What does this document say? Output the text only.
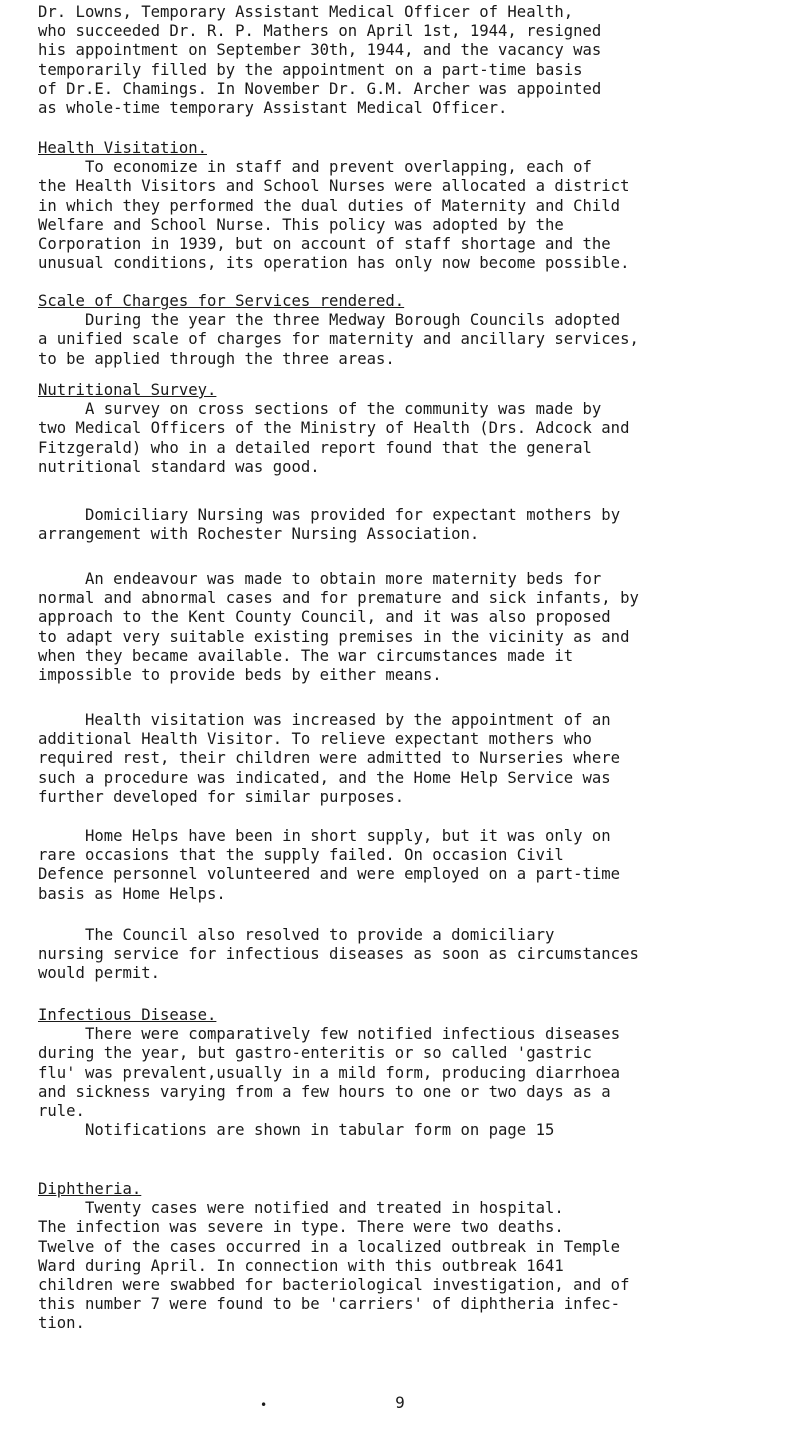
Dr. Lowns, Temporary Assistant Medical Officer of Health,
who succeeded Dr. R. P. Mathers on April 1st, 1944, resigned
his appointment on September 30th, 1944, and the vacancy was
temporarily filled by the appointment on a part-time basis
of Dr.E. Chamings. In November Dr. G.M. Archer was appointed
as whole-time temporary Assistant Medical Officer.

Health Visitation.

To economize in staff and prevent overlapping, each of
the Health Visitors and School Nurses were allocated a district
in which they performed the dual duties of Maternity and Child
Welfare and School Nurse. This policy was adopted by the
Corporation in 1939, but on account of staff shortage and the
unusual conditions, its operation has only now become possible.

Scale of Charges for Services rendered.

During the year the three Medway Borough Councils adopted
a unified scale of charges for maternity and ancillary services,
to be applied through the three areas.

Nutritional Survey.

A survey on cross sections of the community was made by
two Medical Officers of the Ministry of Health (Drs. Adcock and
Fitzgerald) who in a detailed report found that the general
nutritional standard was good.

Domiciliary Nursing was provided for expectant mothers by
arrangement with Rochester Nursing Association.

An endeavour was made to obtain more maternity beds for
normal and abnormal cases and for premature and sick infants, by
approach to the Kent County Council, and it was also proposed
to adapt very suitable existing premises in the vicinity as and
when they became available. The war circumstances made it
impossible to provide beds by either means.

Health visitation was increased by the appointment of an
additional Health Visitor. To relieve expectant mothers who
required rest, their children were admitted to Nurseries where
such a procedure was indicated, and the Home Help Service was
further developed for similar purposes.

Home Helps have been in short supply, but it was only on
rare occasions that the supply failed. On occasion Civil
Defence personnel volunteered and were employed on a part-time
basis as Home Helps.

The Council also resolved to provide a domiciliary
nursing service for infectious diseases as soon as circumstances
would permit.

Infectious Disease.

There were comparatively few notified infectious diseases
during the year, but gastro-enteritis or so called 'gastric
flu' was prevalent,usually in a mild form, producing diarrhoea
and sickness varying from a few hours to one or two days as a
rule.
Notifications are shown in tabular form on page 15

Diphtheria.

Twenty cases were notified and treated in hospital.
The infection was severe in type. There were two deaths.
Twelve of the cases occurred in a localized outbreak in Temple
Ward during April. In connection with this outbreak 1641
children were swabbed for bacteriological investigation, and of
this number 7 were found to be 'carriers' of diphtheria infec-
tion.

•	9
